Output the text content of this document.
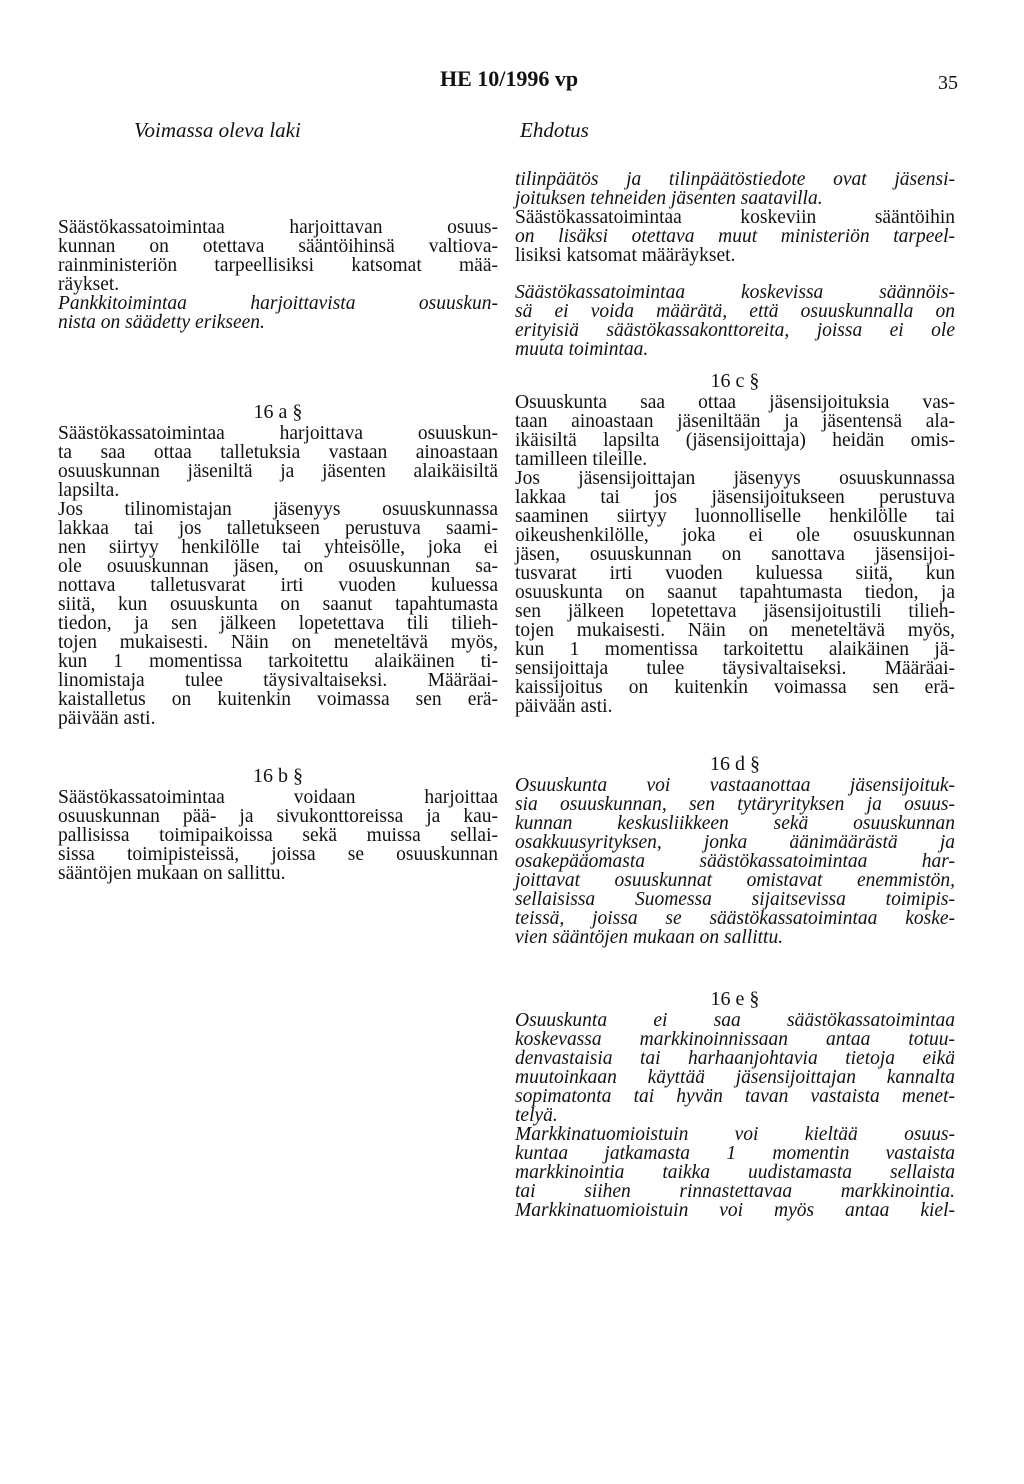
HE 10/1996 vp	35
Voimassa oleva laki	Ehdotus
Säästökassatoimintaa harjoittavan osuus-
kunnan on otettava sääntöihinsä valtiova-
rainministeriön tarpeellisiksi katsomat mää-
räykset.
Pankkitoimintaa harjoittavista osuuskun-
nista on säädetty erikseen.
16 a §
Säästökassatoimintaa harjoittava osuuskun-
ta saa ottaa talletuksia vastaan ainoastaan
osuuskunnan jäseniltä ja jäsenten alaikäisiltä
lapsilta.
Jos tilinomistajan jäsenyys osuuskunnassa
lakkaa tai jos talletukseen perustuva saami-
nen siirtyy henkilölle tai yhteisölle, joka ei
ole osuuskunnan jäsen, on osuuskunnan sa-
nottava talletusvarat irti vuoden kuluessa
siitä, kun osuuskunta on saanut tapahtumasta
tiedon, ja sen jälkeen lopetettava tili tilieh-
tojen mukaisesti. Näin on meneteltävä myös,
kun 1 momentissa tarkoitettu alaikäinen ti-
linomistaja tulee täysivaltaiseksi. Määräai-
kaistalletus on kuitenkin voimassa sen erä-
päivään asti.
16 b §
Säästökassatoimintaa voidaan harjoittaa
osuuskunnan pää- ja sivukonttoreissa ja kau-
pallisissa toimipaikoissa sekä muissa sellai-
sissa toimipisteissä, joissa se osuuskunnan
sääntöjen mukaan on sallittu.
tilinpäätös ja tilinpäätöstiedote ovat jäsensi-
joituksen tehneiden jäsenten saatavilla.
Säästökassatoimintaa koskeviin sääntöihin
on lisäksi otettava muut ministeriön tarpeel-
lisiksi katsomat määräykset.
Säästökassatoimintaa koskevissa säännöis-
sä ei voida määrätä, että osuuskunnalla on
erityisiä säästökassakonttoreita, joissa ei ole
muuta toimintaa.
16 c §
Osuuskunta saa ottaa jäsensijoituksia vas-
taan ainoastaan jäseniltään ja jäsentensä ala-
ikäisiltä lapsilta (jäsensijoittaja) heidän omis-
tamilleen tileille.
Jos jäsensijoittajan jäsenyys osuuskunnassa
lakkaa tai jos jäsensijoitukseen perustuva
saaminen siirtyy luonnolliselle henkilölle tai
oikeushenkilölle, joka ei ole osuuskunnan
jäsen, osuuskunnan on sanottava jäsensijoi-
tusvarat irti vuoden kuluessa siitä, kun
osuuskunta on saanut tapahtumasta tiedon, ja
sen jälkeen lopetettava jäsensijoitustili tilieh-
tojen mukaisesti. Näin on meneteltävä myös,
kun 1 momentissa tarkoitettu alaikäinen jä-
sensijoittaja tulee täysivaltaiseksi. Määräai-
kaissijoitus on kuitenkin voimassa sen erä-
päivään asti.
16 d §
Osuuskunta voi vastaanottaa jäsensijoituk-
sia osuuskunnan, sen tytäryrityksen ja osuus-
kunnan keskusliikkeen sekä osuuskunnan
osakkuusyrityksen, jonka äänimäärästä ja
osakepääomasta säästökassatoimintaa har-
joittavat osuuskunnat omistavat enemmistön,
sellaisissa Suomessa sijaitsevissa toimipis-
teissä, joissa se säästökassatoimintaa koske-
vien sääntöjen mukaan on sallittu.
16 e §
Osuuskunta ei saa säästökassatoimintaa
koskevassa markkinoinnissaan antaa totuu-
denvastaisia tai harhaanjohtavia tietoja eikä
muutoinkaan käyttää jäsensijoittajan kannalta
sopimatonta tai hyvän tavan vastaista menet-
telyä.
Markkinatuomioistuin voi kieltää osuus-
kuntaa jatkamasta 1 momentin vastaista
markkinointia taikka uudistamasta sellaista
tai siihen rinnastettavaa markkinointia.
Markkinatuomioistuin voi myös antaa kiel-
